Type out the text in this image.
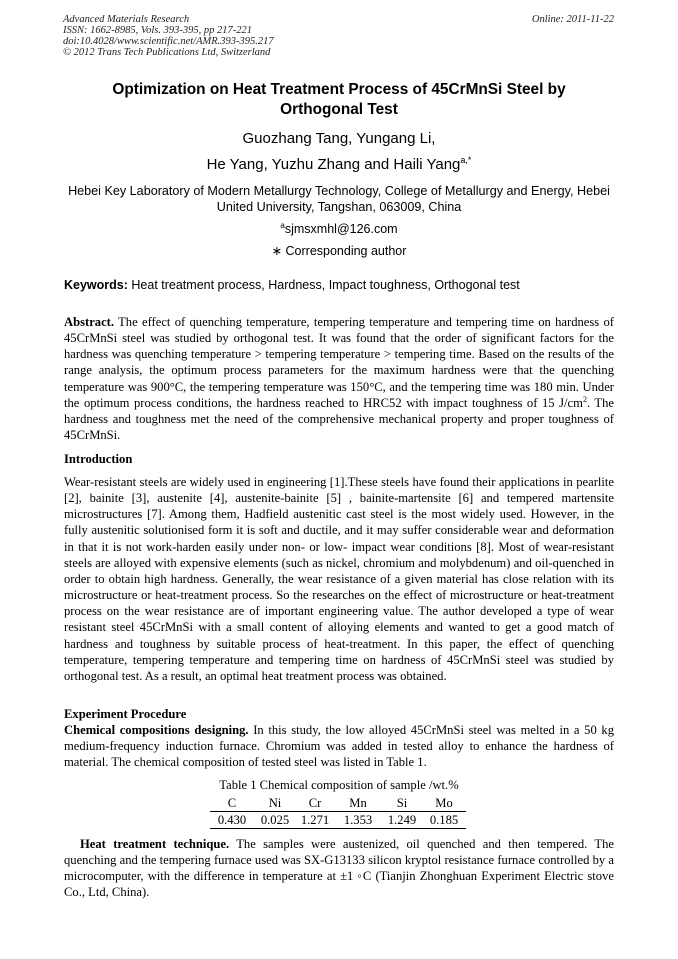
Advanced Materials Research
ISSN: 1662-8985, Vols. 393-395, pp 217-221
doi:10.4028/www.scientific.net/AMR.393-395.217
© 2012 Trans Tech Publications Ltd, Switzerland
Online: 2011-11-22
Optimization on Heat Treatment Process of 45CrMnSi Steel by
Orthogonal Test
Guozhang Tang, Yungang Li,
He Yang, Yuzhu Zhang and Haili Yang$^{a,*}$
Hebei Key Laboratory of Modern Metallurgy Technology, College of Metallurgy and Energy, Hebei
United University, Tangshan, 063009, China
$^a$sjmsxmhl@126.com
∗ Corresponding author
Keywords: Heat treatment process, Hardness, Impact toughness, Orthogonal test
Abstract. The effect of quenching temperature, tempering temperature and tempering time on hardness of 45CrMnSi steel was studied by orthogonal test. It was found that the order of significant factors for the hardness was quenching temperature > tempering temperature > tempering time. Based on the results of the range analysis, the optimum process parameters for the maximum hardness were that the quenching temperature was 900°C, the tempering temperature was 150°C, and the tempering time was 180 min. Under the optimum process conditions, the hardness reached to HRC52 with impact toughness of 15 $J/cm^2$. The hardness and toughness met the need of the comprehensive mechanical property and proper toughness of 45CrMnSi.
Introduction
Wear-resistant steels are widely used in engineering [1].These steels have found their applications in pearlite [2], bainite [3], austenite [4], austenite-bainite [5] , bainite-martensite [6] and tempered martensite microstructures [7]. Among them, Hadfield austenitic cast steel is the most widely used. However, in the fully austenitic solutionised form it is soft and ductile, and it may suffer considerable wear and deformation in that it is not work-harden easily under non- or low- impact wear conditions [8]. Most of wear-resistant steels are alloyed with expensive elements (such as nickel, chromium and molybdenum) and oil-quenched in order to obtain high hardness. Generally, the wear resistance of a given material has close relation with its microstructure or heat-treatment process. So the researches on the effect of microstructure or heat-treatment process on the wear resistance are of important engineering value. The author developed a type of wear resistant steel 45CrMnSi with a small content of alloying elements and wanted to get a good match of hardness and toughness by suitable process of heat-treatment. In this paper, the effect of quenching temperature, tempering temperature and tempering time on hardness of 45CrMnSi steel was studied by orthogonal test. As a result, an optimal heat treatment process was obtained.
Experiment Procedure
Chemical compositions designing. In this study, the low alloyed 45CrMnSi steel was melted in a 50 kg medium-frequency induction furnace. Chromium was added in tested alloy to enhance the hardness of material. The chemical composition of tested steel was listed in Table 1.
Table 1 Chemical composition of sample /wt.%
C	Ni	Cr	Mn	Si	Mo
0.430	0.025	1.271	1.353	1.249	0.185
Heat treatment technique. The samples were austenized, oil quenched and then tempered. The quenching and the tempering furnace used was SX-G13133 silicon kryptol resistance furnace controlled by a microcomputer, with the difference in temperature at ±1 ◦C (Tianjin Zhonghuan Experiment Electric stove Co., Ltd, China).
